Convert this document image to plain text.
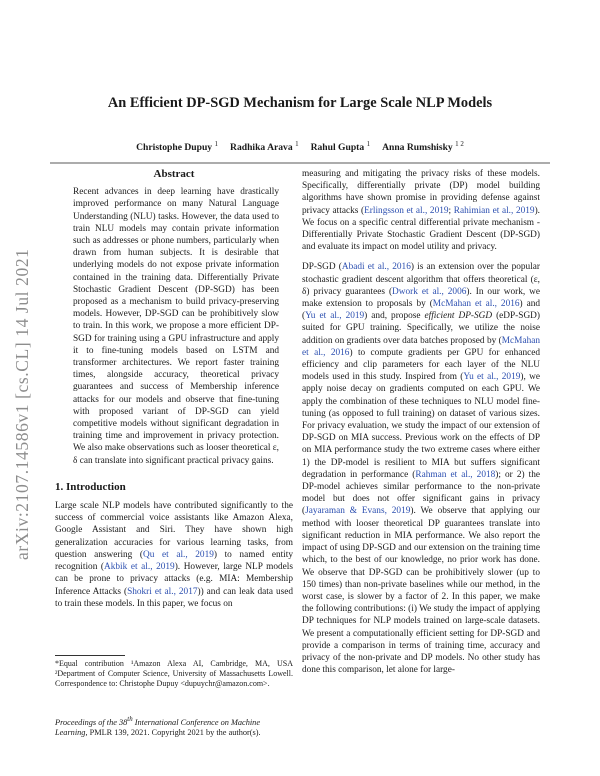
arXiv:2107.14586v1 [cs.CL] 14 Jul 2021
An Efficient DP-SGD Mechanism for Large Scale NLP Models
Christophe Dupuy $^1$ Radhika Arava $^1$ Rahul Gupta $^1$ Anna Rumshisky $^{1 2}$
Abstract

Recent advances in deep learning have drastically improved performance on many Natural Language Understanding (NLU) tasks. However, the data used to train NLU models may contain private information such as addresses or phone numbers, particularly when drawn from human subjects. It is desirable that underlying models do not expose private information contained in the training data. Differentially Private Stochastic Gradient Descent (DP-SGD) has been proposed as a mechanism to build privacy-preserving models. However, DP-SGD can be prohibitively slow to train. In this work, we propose a more efficient DP-SGD for training using a GPU infrastructure and apply it to fine-tuning models based on LSTM and transformer architectures. We report faster training times, alongside accuracy, theoretical privacy guarantees and success of Membership inference attacks for our models and observe that fine-tuning with proposed variant of DP-SGD can yield competitive models without significant degradation in training time and improvement in privacy protection. We also make observations such as looser theoretical ε, δ can translate into significant practical privacy gains.

1. Introduction

Large scale NLP models have contributed significantly to the success of commercial voice assistants like Amazon Alexa, Google Assistant and Siri. They have shown high generalization accuracies for various learning tasks, from question answering (Qu et al., 2019) to named entity recognition (Akbik et al., 2019). However, large NLP models can be prone to privacy attacks (e.g. MIA: Membership Inference Attacks (Shokri et al., 2017)) and can leak data used to train these models. In this paper, we focus on

measuring and mitigating the privacy risks of these models. Specifically, differentially private (DP) model building algorithms have shown promise in providing defense against privacy attacks (Erlingsson et al., 2019; Rahimian et al., 2019). We focus on a specific central differential private mechanism - Differentially Private Stochastic Gradient Descent (DP-SGD) and evaluate its impact on model utility and privacy.

DP-SGD (Abadi et al., 2016) is an extension over the popular stochastic gradient descent algorithm that offers theoretical (ε, δ) privacy guarantees (Dwork et al., 2006). In our work, we make extension to proposals by (McMahan et al., 2016) and (Yu et al., 2019) and, propose efficient DP-SGD (eDP-SGD) suited for GPU training. Specifically, we utilize the noise addition on gradients over data batches proposed by (McMahan et al., 2016) to compute gradients per GPU for enhanced efficiency and clip parameters for each layer of the NLU models used in this study. Inspired from (Yu et al., 2019), we apply noise decay on gradients computed on each GPU. We apply the combination of these techniques to NLU model fine-tuning (as opposed to full training) on dataset of various sizes. For privacy evaluation, we study the impact of our extension of DP-SGD on MIA success. Previous work on the effects of DP on MIA performance study the two extreme cases where either 1) the DP-model is resilient to MIA but suffers significant degradation in performance (Rahman et al., 2018); or 2) the DP-model achieves similar performance to the non-private model but does not offer significant gains in privacy (Jayaraman & Evans, 2019). We observe that applying our method with looser theoretical DP guarantees translate into significant reduction in MIA performance. We also report the impact of using DP-SGD and our extension on the training time which, to the best of our knowledge, no prior work has done. We observe that DP-SGD can be prohibitively slower (up to 150 times) than non-private baselines while our method, in the worst case, is slower by a factor of 2. In this paper, we make the following contributions: (i) We study the impact of applying DP techniques for NLP models trained on large-scale datasets. We present a computationally efficient setting for DP-SGD and provide a comparison in terms of training time, accuracy and privacy of the non-private and DP models. No other study has done this comparison, let alone for large-

*Equal contribution ¹Amazon Alexa AI, Cambridge, MA, USA ²Department of Computer Science, University of Massachusetts Lowell. Correspondence to: Christophe Dupuy <dupuychr@amazon.com>.
Proceedings of the 38th International Conference on Machine Learning, PMLR 139, 2021. Copyright 2021 by the author(s).
